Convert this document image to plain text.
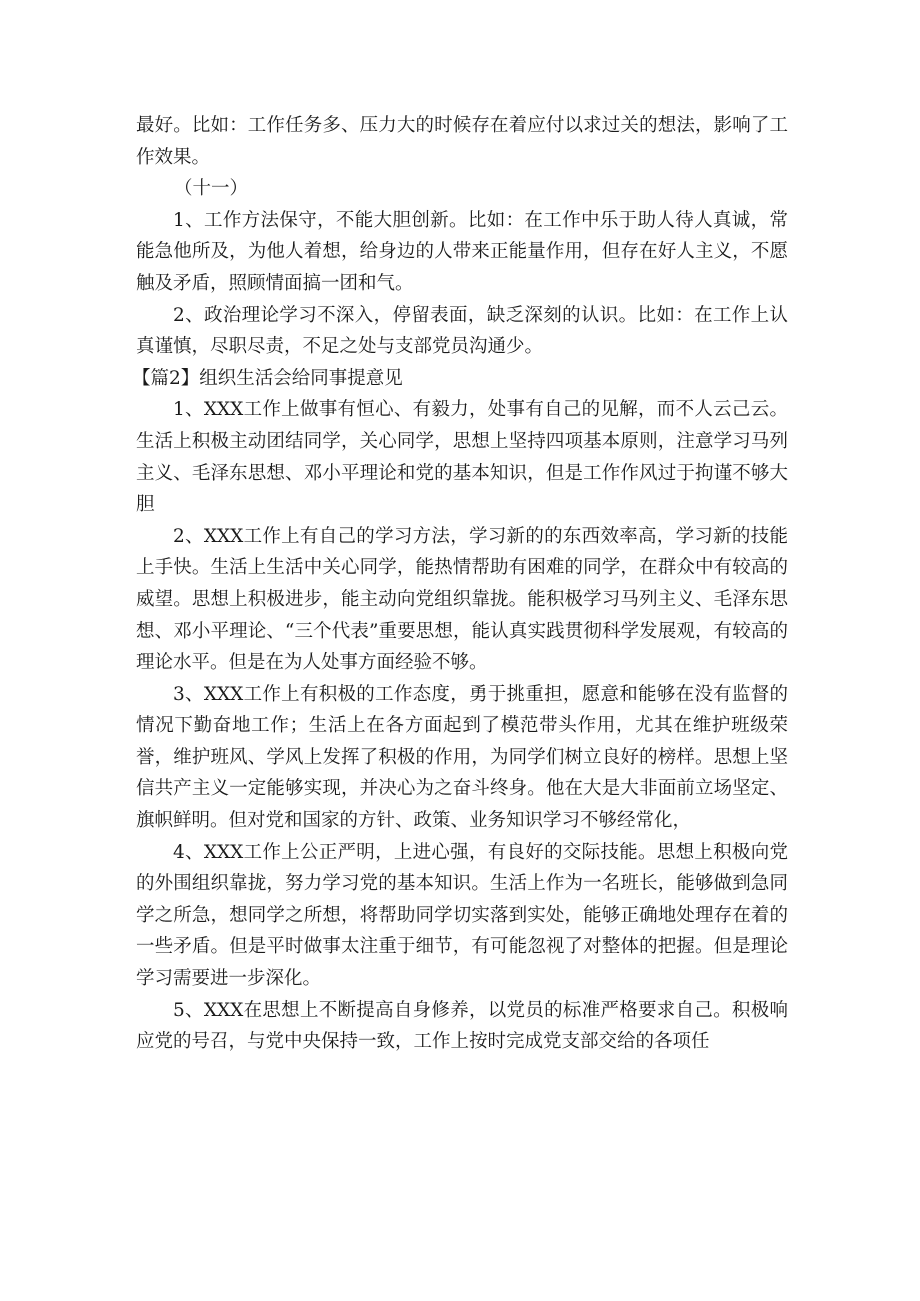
最好。比如：工作任务多、压力大的时候存在着应付以求过关的想法，影响了工作效果。

（十一）

1、工作方法保守，不能大胆创新。比如：在工作中乐于助人待人真诚，常能急他所及，为他人着想，给身边的人带来正能量作用，但存在好人主义，不愿触及矛盾，照顾情面搞一团和气。

2、政治理论学习不深入，停留表面，缺乏深刻的认识。比如：在工作上认真谨慎，尽职尽责，不足之处与支部党员沟通少。

【篇2】组织生活会给同事提意见

1、XXX工作上做事有恒心、有毅力，处事有自己的见解，而不人云己云。生活上积极主动团结同学，关心同学，思想上坚持四项基本原则，注意学习马列主义、毛泽东思想、邓小平理论和党的基本知识，但是工作作风过于拘谨不够大胆

2、XXX工作上有自己的学习方法，学习新的的东西效率高，学习新的技能上手快。生活上生活中关心同学，能热情帮助有困难的同学，在群众中有较高的威望。思想上积极进步，能主动向党组织靠拢。能积极学习马列主义、毛泽东思想、邓小平理论、“三个代表”重要思想，能认真实践贯彻科学发展观，有较高的理论水平。但是在为人处事方面经验不够。

3、XXX工作上有积极的工作态度，勇于挑重担，愿意和能够在没有监督的情况下勤奋地工作；生活上在各方面起到了模范带头作用，尤其在维护班级荣誉，维护班风、学风上发挥了积极的作用，为同学们树立良好的榜样。思想上坚信共产主义一定能够实现，并决心为之奋斗终身。他在大是大非面前立场坚定、旗帜鲜明。但对党和国家的方针、政策、业务知识学习不够经常化，

4、XXX工作上公正严明，上进心强，有良好的交际技能。思想上积极向党的外围组织靠拢，努力学习党的基本知识。生活上作为一名班长，能够做到急同学之所急，想同学之所想，将帮助同学切实落到实处，能够正确地处理存在着的一些矛盾。但是平时做事太注重于细节，有可能忽视了对整体的把握。但是理论学习需要进一步深化。

5、XXX在思想上不断提高自身修养，以党员的标准严格要求自己。积极响应党的号召，与党中央保持一致，工作上按时完成党支部交给的各项任
